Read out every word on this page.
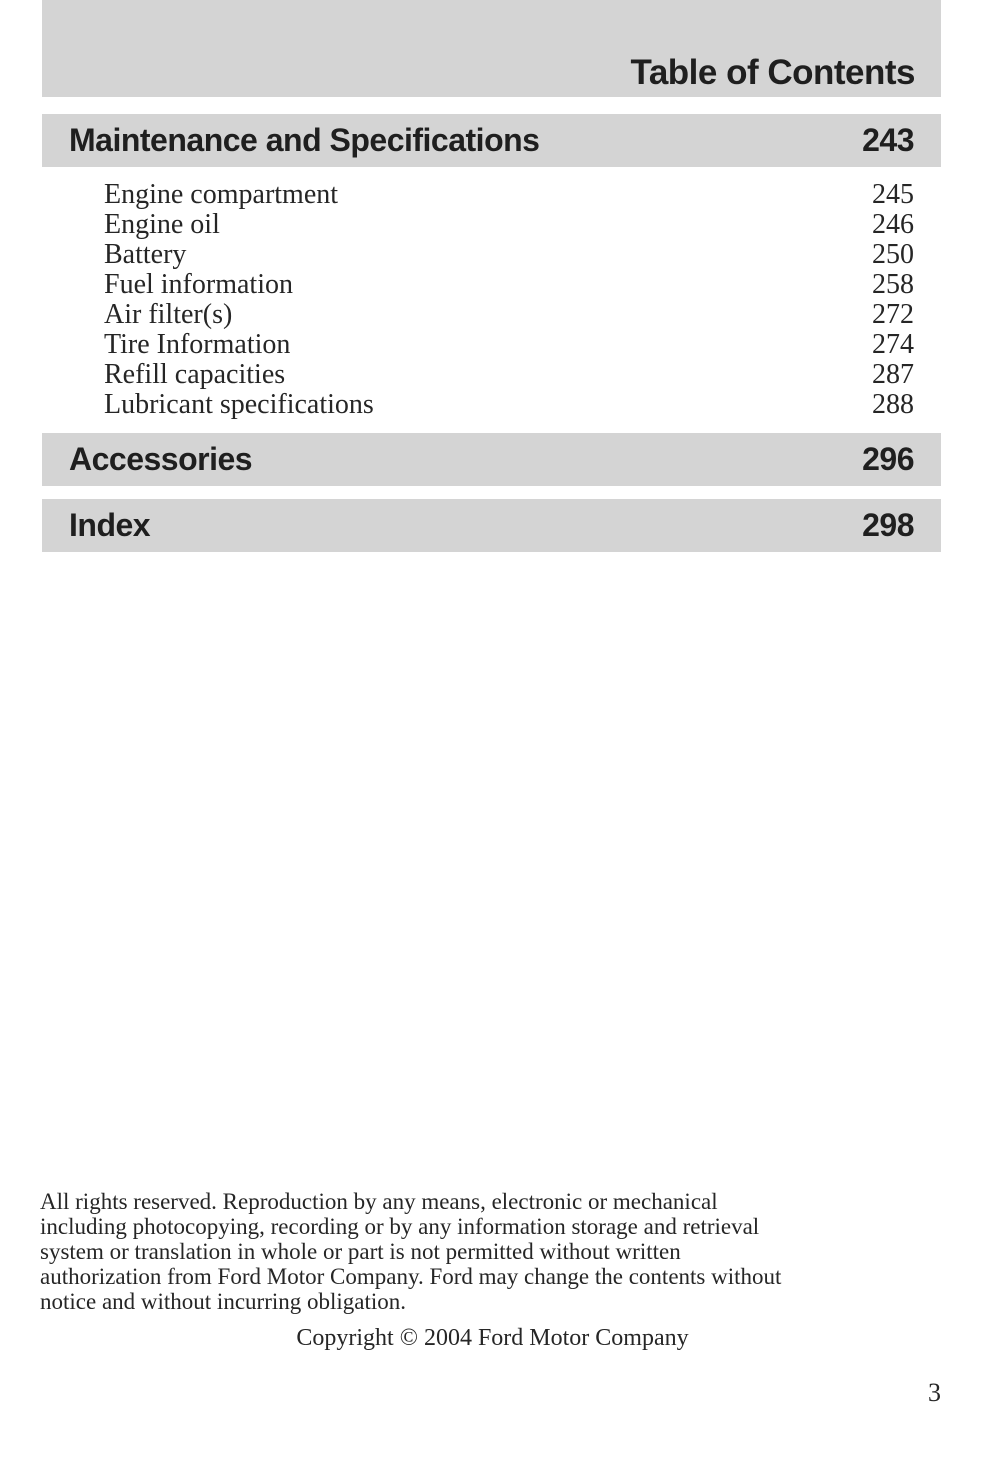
Table of Contents
Maintenance and Specifications	243
Engine compartment	245
Engine oil	246
Battery	250
Fuel information	258
Air filter(s)	272
Tire Information	274
Refill capacities	287
Lubricant specifications	288
Accessories	296
Index	298
All rights reserved. Reproduction by any means, electronic or mechanical
including photocopying, recording or by any information storage and retrieval
system or translation in whole or part is not permitted without written
authorization from Ford Motor Company. Ford may change the contents without
notice and without incurring obligation.
Copyright © 2004 Ford Motor Company
3
